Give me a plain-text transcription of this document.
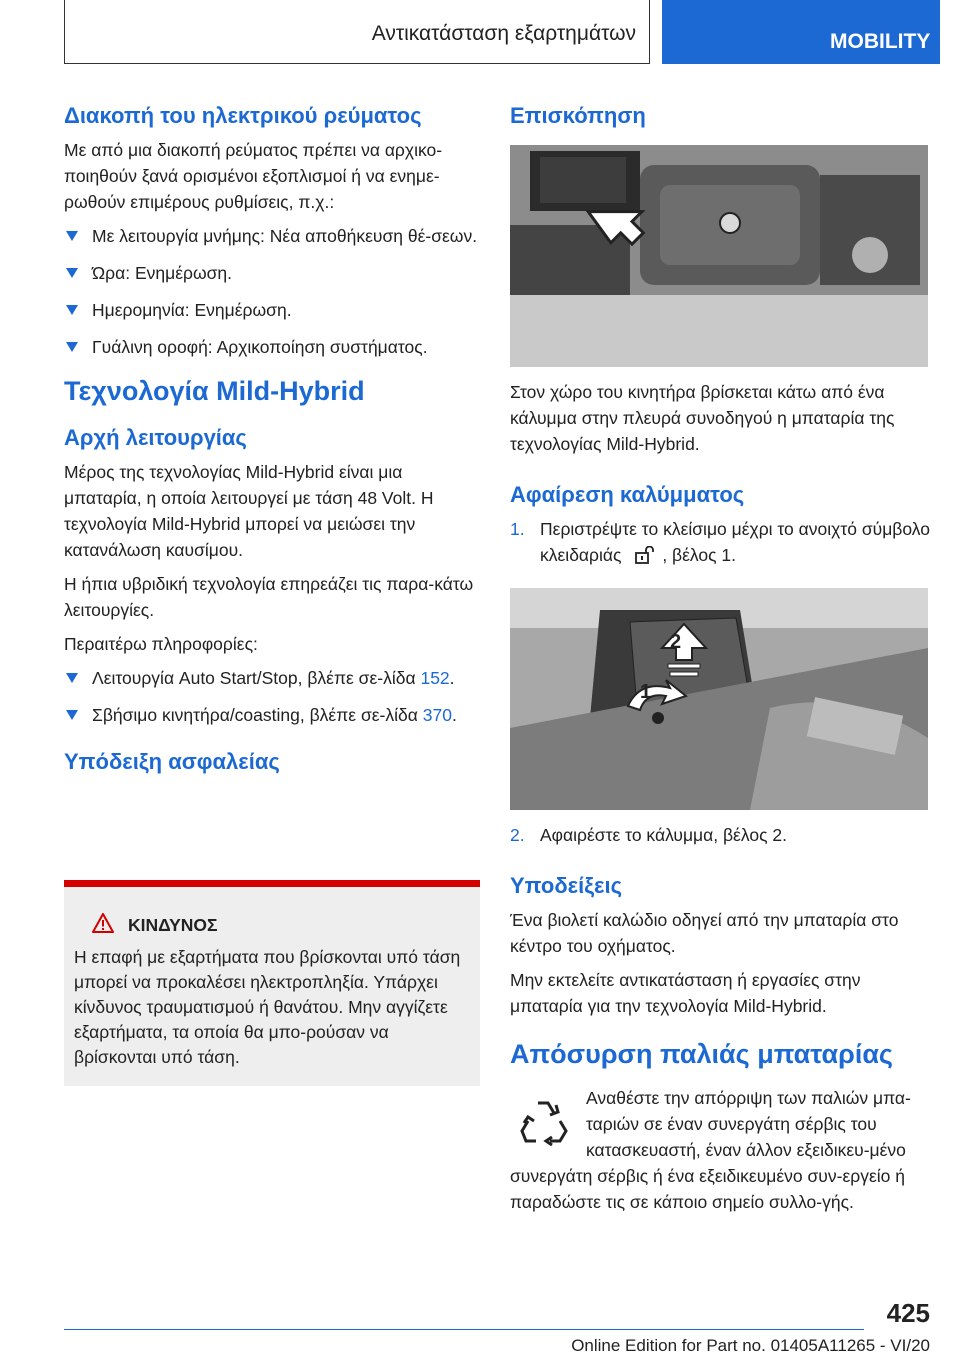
Αντικατάσταση εξαρτημάτων	MOBILITY
Διακοπή του ηλεκτρικού ρεύματος

Με από μια διακοπή ρεύματος πρέπει να αρχικο‐ποιηθούν ξανά ορισμένοι εξοπλισμοί ή να ενημε‐ρωθούν επιμέρους ρυθμίσεις, π.χ.:

Με λειτουργία μνήμης: Νέα αποθήκευση θέ‐σεων.
Ώρα: Ενημέρωση.
Ημερομηνία: Ενημέρωση.
Γυάλινη οροφή: Αρχικοποίηση συστήματος.
Τεχνολογία Mild-Hybrid
Αρχή λειτουργίας

Μέρος της τεχνολογίας Mild-Hybrid είναι μια μπαταρία, η οποία λειτουργεί με τάση 48 Volt. Η τεχνολογία Mild-Hybrid μπορεί να μειώσει την κατανάλωση καυσίμου.

Η ήπια υβριδική τεχνολογία επηρεάζει τις παρα‐κάτω λειτουργίες.

Περαιτέρω πληροφορίες:

Λειτουργία Auto Start/Stop, βλέπε σε‐λίδα 152.
Σβήσιμο κινητήρα/coasting, βλέπε σε‐λίδα 370.
Υπόδειξη ασφαλείας
ΚΙΝΔΥΝΟΣ

Η επαφή με εξαρτήματα που βρίσκονται υπό τάση μπορεί να προκαλέσει ηλεκτροπληξία. Υπάρχει κίνδυνος τραυματισμού ή θανάτου. Μην αγγίζετε εξαρτήματα, τα οποία θα μπο‐ρούσαν να βρίσκονται υπό τάση.

Επισκόπηση

Στον χώρο του κινητήρα βρίσκεται κάτω από ένα κάλυμμα στην πλευρά συνοδηγού η μπαταρία της τεχνολογίας Mild-Hybrid.

Αφαίρεση καλύμματος
1. Περιστρέψτε το κλείσιμο μέχρι το ανοιχτό σύμβολο κλειδαριάς , βέλος 1.
2
1
2. Αφαιρέστε το κάλυμμα, βέλος 2.
Υποδείξεις

Ένα βιολετί καλώδιο οδηγεί από την μπαταρία στο κέντρο του οχήματος.

Μην εκτελείτε αντικατάσταση ή εργασίες στην μπαταρία για την τεχνολογία Mild-Hybrid.

Απόσυρση παλιάς μπαταρίας

Αναθέστε την απόρριψη των παλιών μπα‐ταριών σε έναν συνεργάτη σέρβις του κατασκευαστή, έναν άλλον εξειδικευ‐μένο συνεργάτη σέρβις ή ένα εξειδικευμένο συν‐εργείο ή παραδώστε τις σε κάποιο σημείο συλλο‐γής.

425
Online Edition for Part no. 01405A11265 - VI/20
